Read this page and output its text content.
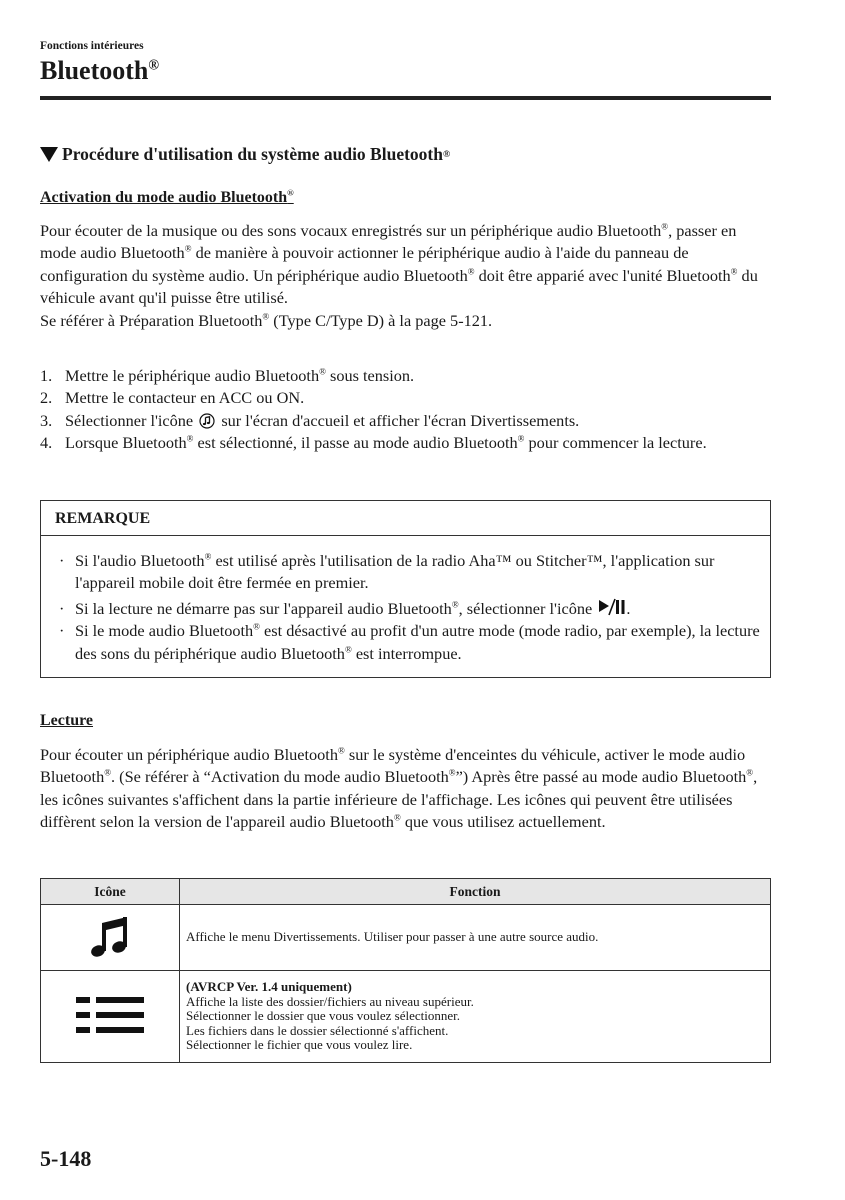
Fonctions intérieures
Bluetooth®
Procédure d'utilisation du système audio Bluetooth ®
Activation du mode audio Bluetooth®

Pour écouter de la musique ou des sons vocaux enregistrés sur un périphérique audio Bluetooth®, passer en mode audio Bluetooth® de manière à pouvoir actionner le périphérique audio à l'aide du panneau de configuration du système audio. Un périphérique audio Bluetooth® doit être apparié avec l'unité Bluetooth® du véhicule avant qu'il puisse être utilisé.
Se référer à Préparation Bluetooth® (Type C/Type D) à la page 5-121.

1. Mettre le périphérique audio Bluetooth® sous tension.
2. Mettre le contacteur en ACC ou ON.
3. Sélectionner l'icône sur l'écran d'accueil et afficher l'écran Divertissements.
4. Lorsque Bluetooth® est sélectionné, il passe au mode audio Bluetooth® pour commencer la lecture.
REMARQUE
· Si l'audio Bluetooth® est utilisé après l'utilisation de la radio Aha™ ou Stitcher™, l'application sur l'appareil mobile doit être fermée en premier.
· Si la lecture ne démarre pas sur l'appareil audio Bluetooth®, sélectionner l'icône .
· Si le mode audio Bluetooth® est désactivé au profit d'un autre mode (mode radio, par exemple), la lecture des sons du périphérique audio Bluetooth® est interrompue.
Lecture

Pour écouter un périphérique audio Bluetooth® sur le système d'enceintes du véhicule, activer le mode audio Bluetooth®. (Se référer à “Activation du mode audio Bluetooth®”) Après être passé au mode audio Bluetooth®, les icônes suivantes s'affichent dans la partie inférieure de l'affichage. Les icônes qui peuvent être utilisées diffèrent selon la version de l'appareil audio Bluetooth® que vous utilisez actuellement.

Icône	Fonction
	Affiche le menu Divertissements. Utiliser pour passer à une autre source audio.
	(AVRCP Ver. 1.4 uniquement)
Affiche la liste des dossier/fichiers au niveau supérieur.
Sélectionner le dossier que vous voulez sélectionner.
Les fichiers dans le dossier sélectionné s'affichent.
Sélectionner le fichier que vous voulez lire.
5-148
